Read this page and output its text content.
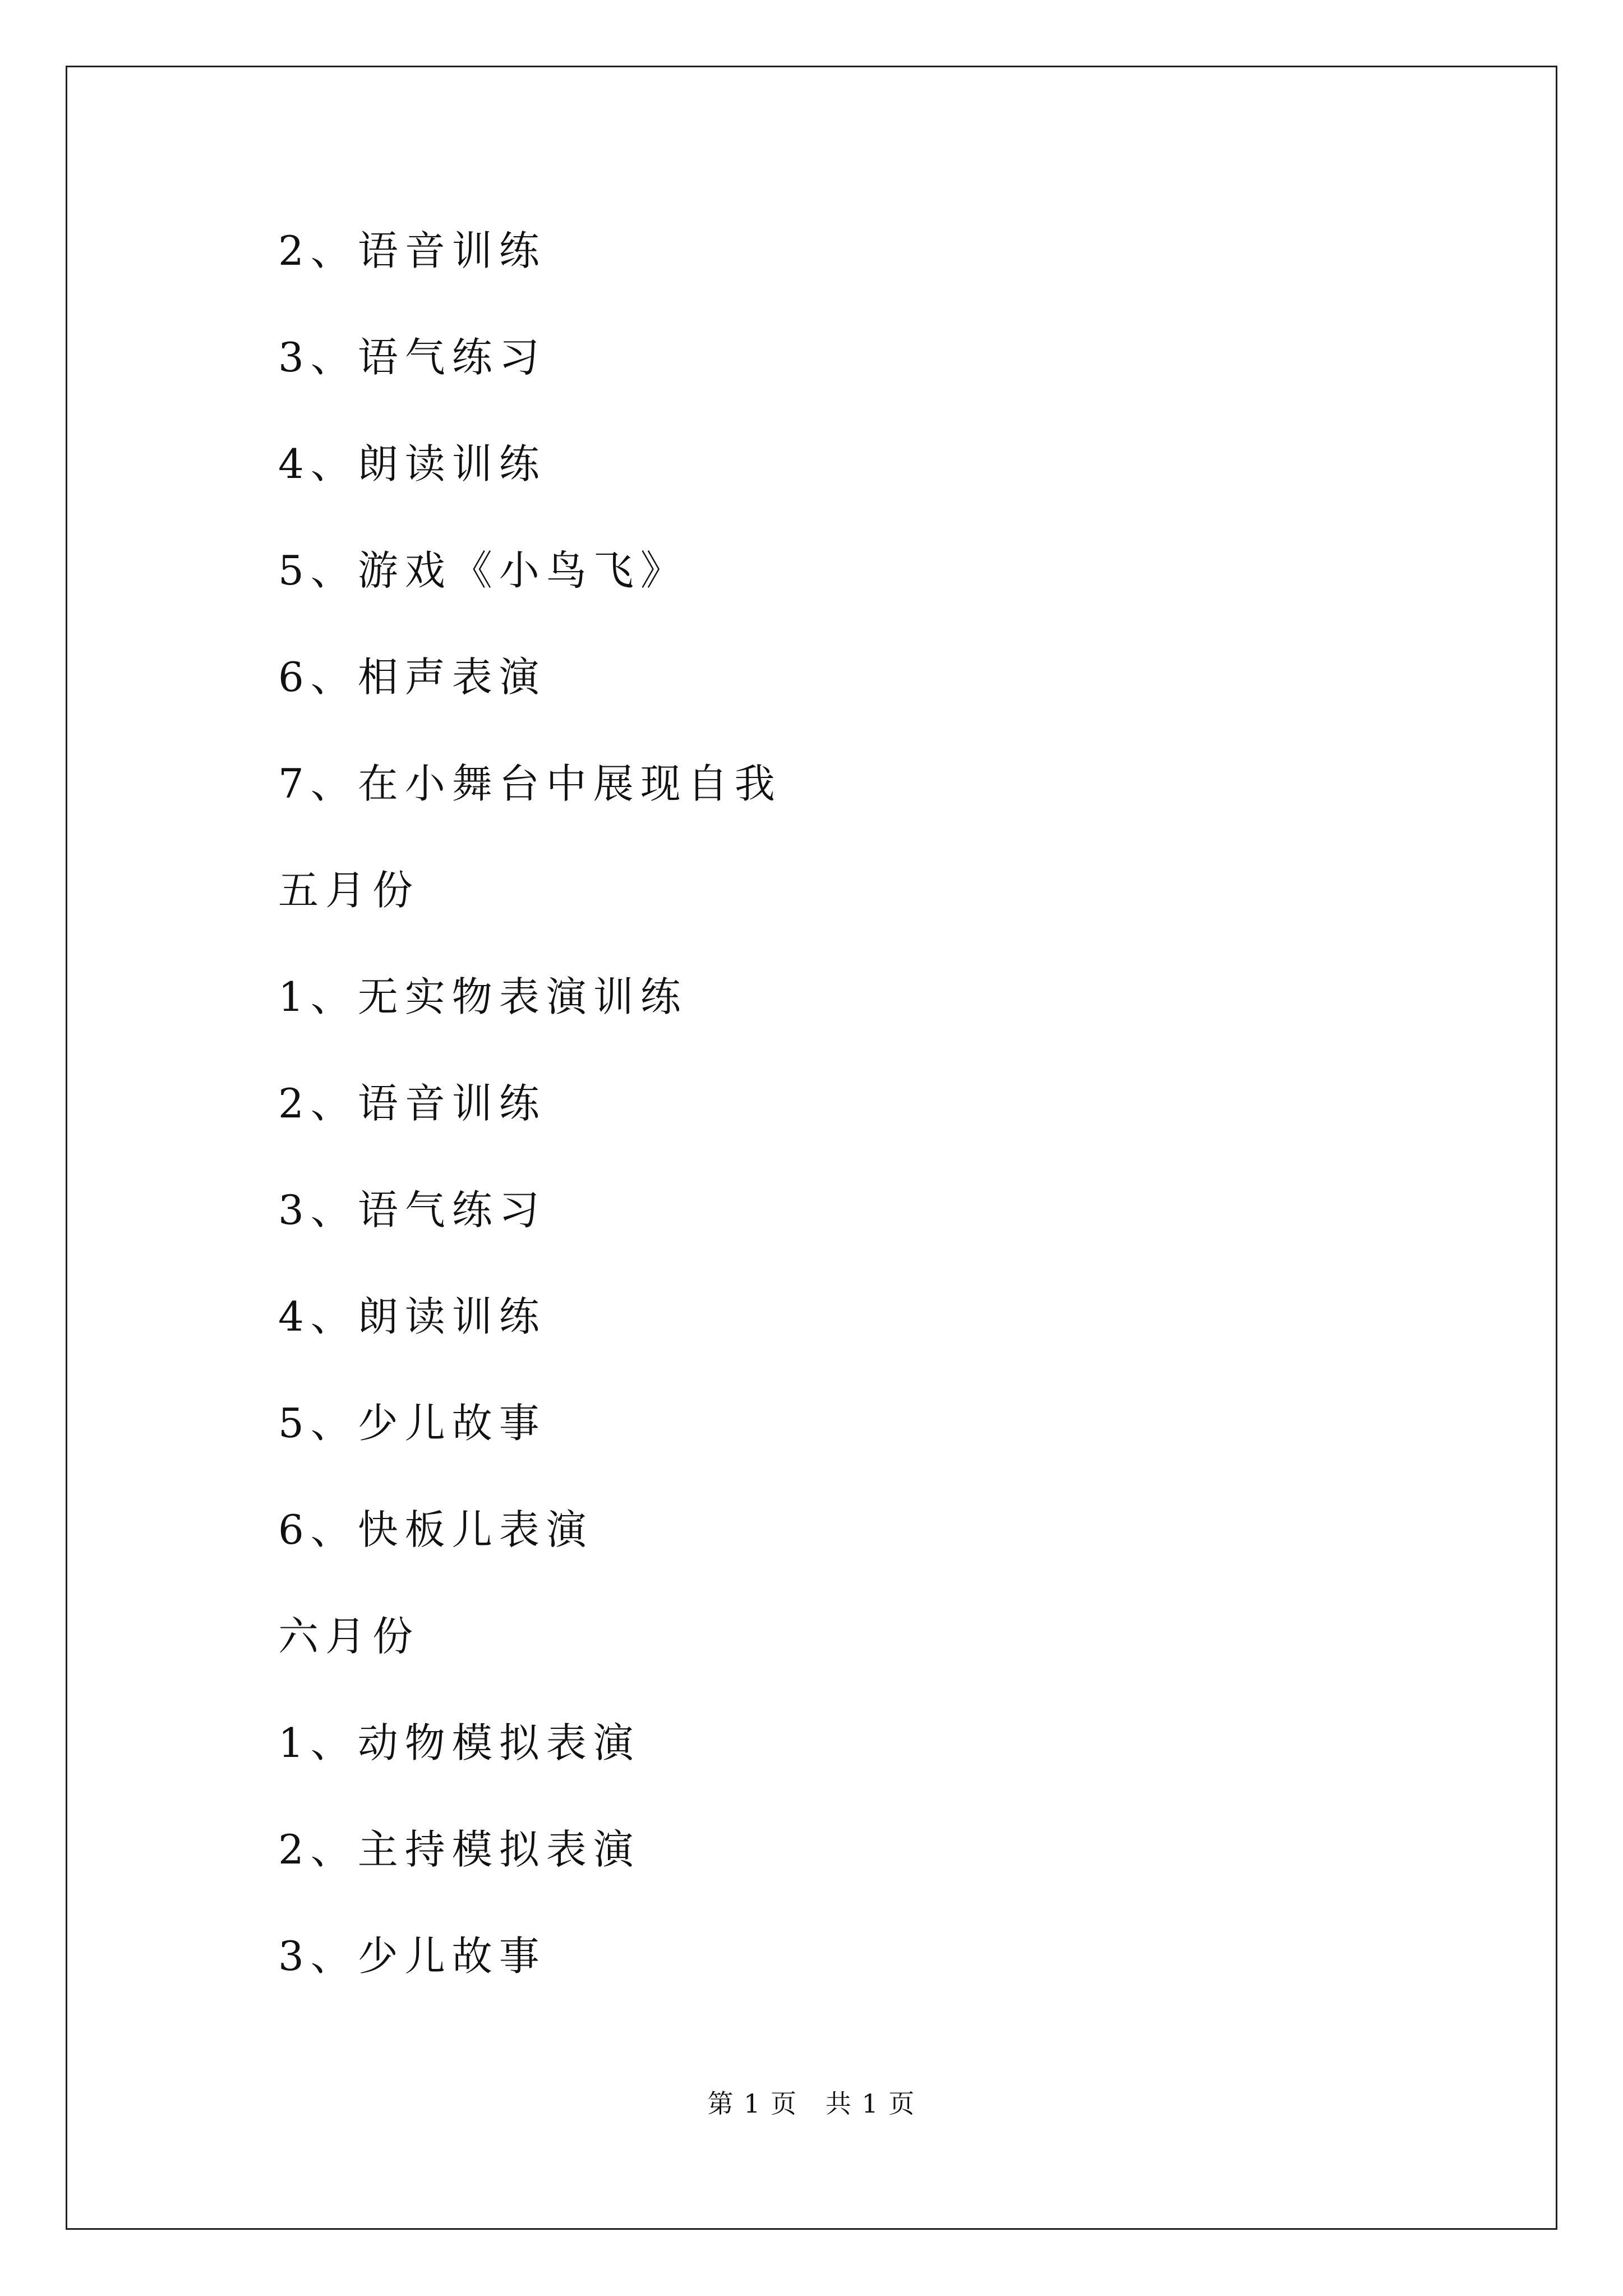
2、语音训练
3、语气练习
4、朗读训练
5、游戏《小鸟飞》
6、相声表演
7、在小舞台中展现自我
五月份
1、无实物表演训练
2、语音训练
3、语气练习
4、朗读训练
5、少儿故事
6、快板儿表演
六月份
1、动物模拟表演
2、主持模拟表演
3、少儿故事
第 1 页   共 1 页
